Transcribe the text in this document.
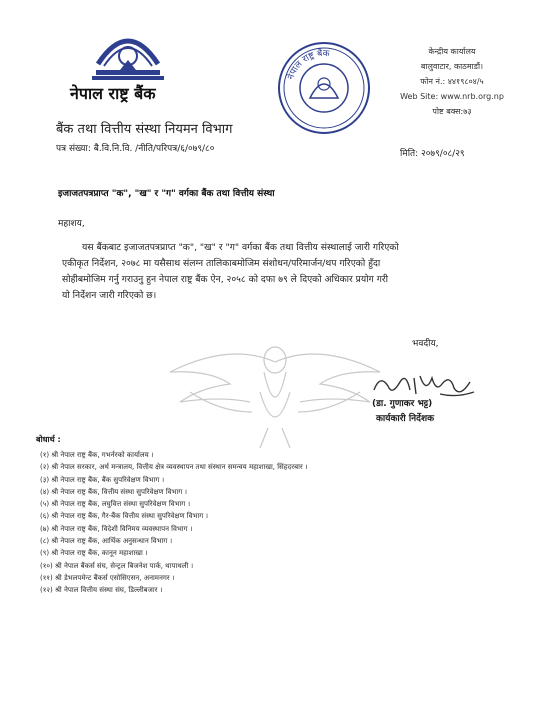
नेपाल राष्ट्र बैंक
नेपाल राष्ट्र बैंक	केन्द्रीय कार्यालय
बालुवाटार, काठमाडौं।
फोन नं.: ४४१९८०४/५
Web Site: www.nrb.org.np
पोष्ट बक्स:७३
बैंक तथा वित्तीय संस्था नियमन विभाग
पत्र संख्या: बै.वि.नि.वि. /नीति/परिपत्र/६/०७९/८०	मिति: २०७९/०८/२९
इजाजतपत्रप्राप्त "क", "ख" र "ग" वर्गका बैंक तथा वित्तीय संस्था
महाशय,
यस बैंकबाट इजाजतपत्रप्राप्त "क", "ख" र "ग" वर्गका बैंक तथा वित्तीय संस्थालाई जारी गरिएको
एकीकृत निर्देशन, २०७८ मा यसैसाथ संलग्न तालिकाबमोजिम संशोधन/परिमार्जन/थप गरिएको हुँदा
सोहीबमोजिम गर्नु गराउनु हुन नेपाल राष्ट्र बैंक ऐन, २०५८ को दफा ७९ ले दिएको अधिकार प्रयोग गरी
यो निर्देशन जारी गरिएको छ।
भवदीय,
(डा. गुणाकर भट्ट)
कार्यकारी निर्देशक
बोधार्थ :
(१) श्री नेपाल राष्ट्र बैंक, गभर्नरको कार्यालय ।
(२) श्री नेपाल सरकार, अर्थ मन्त्रालय, वित्तीय क्षेत्र व्यवस्थापन तथा संस्थान समन्वय महाशाखा, सिंहदरबार ।
(३) श्री नेपाल राष्ट्र बैंक, बैंक सुपरिवेक्षण विभाग ।
(४) श्री नेपाल राष्ट्र बैंक, वित्तीय संस्था सुपरिवेक्षण विभाग ।
(५) श्री नेपाल राष्ट्र बैंक, लघुवित्त संस्था सुपरिवेक्षण विभाग ।
(६) श्री नेपाल राष्ट्र बैंक, गैर-बैंक वित्तीय संस्था सुपरिवेक्षण विभाग ।
(७) श्री नेपाल राष्ट्र बैंक, विदेशी विनिमय व्यवस्थापन विभाग ।
(८) श्री नेपाल राष्ट्र बैंक, आर्थिक अनुसन्धान विभाग ।
(९) श्री नेपाल राष्ट्र बैंक, कानून महाशाखा ।
(१०) श्री नेपाल बैंकर्स संघ, सेन्ट्रल बिजनेश पार्क, थापाथली ।
(११) श्री डेभलपमेन्ट बैंकर्स एसोसिएसन, अनामनगर ।
(१२) श्री नेपाल वित्तीय संस्था संघ, डिल्लीबजार ।
